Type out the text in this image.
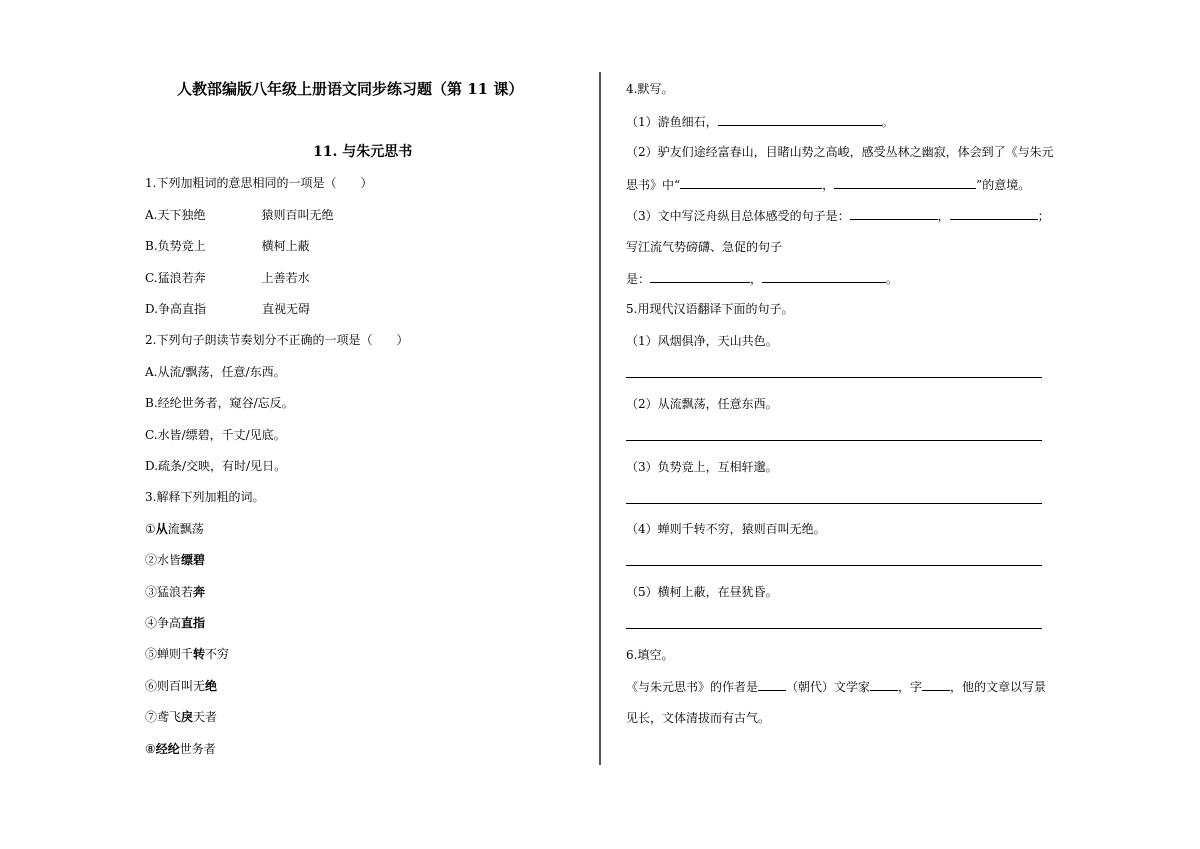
人教部编版八年级上册语文同步练习题（第 11 课）
11. 与朱元思书
1.下列加粗词的意思相同的一项是（　　）
A.天下独绝	猿则百叫无绝
B.负势竞上	横柯上蔽
C.猛浪若奔	上善若水
D.争高直指	直视无碍
2.下列句子朗读节奏划分不正确的一项是（　　）
A.从流/飘荡，任意/东西。
B.经纶世务者，窥谷/忘反。
C.水皆/缥碧，千丈/见底。
D.疏条/交映，有时/见日。
3.解释下列加粗的词。
①从流飘荡
②水皆缥碧
③猛浪若奔
④争高直指
⑤蝉则千转不穷
⑥则百叫无绝
⑦鸢飞戾天者
⑧经纶世务者
4.默写。
（1）游鱼细石，	。
（2）驴友们途经富春山，目睹山势之高峻，感受丛林之幽寂，体会到了《与朱元
思书》中“	，	”的意境。
（3）文中写泛舟纵目总体感受的句子是：	，	；
写江流气势磅礴、急促的句子
是：	，	。
5.用现代汉语翻译下面的句子。
（1）风烟俱净，天山共色。
（2）从流飘荡，任意东西。
（3）负势竞上，互相轩邈。
（4）蝉则千转不穷，猿则百叫无绝。
（5）横柯上蔽，在昼犹昏。
6.填空。
《与朱元思书》的作者是 （朝代）文学家 ，字 ，他的文章以写景
见长，文体清拔而有古气。
